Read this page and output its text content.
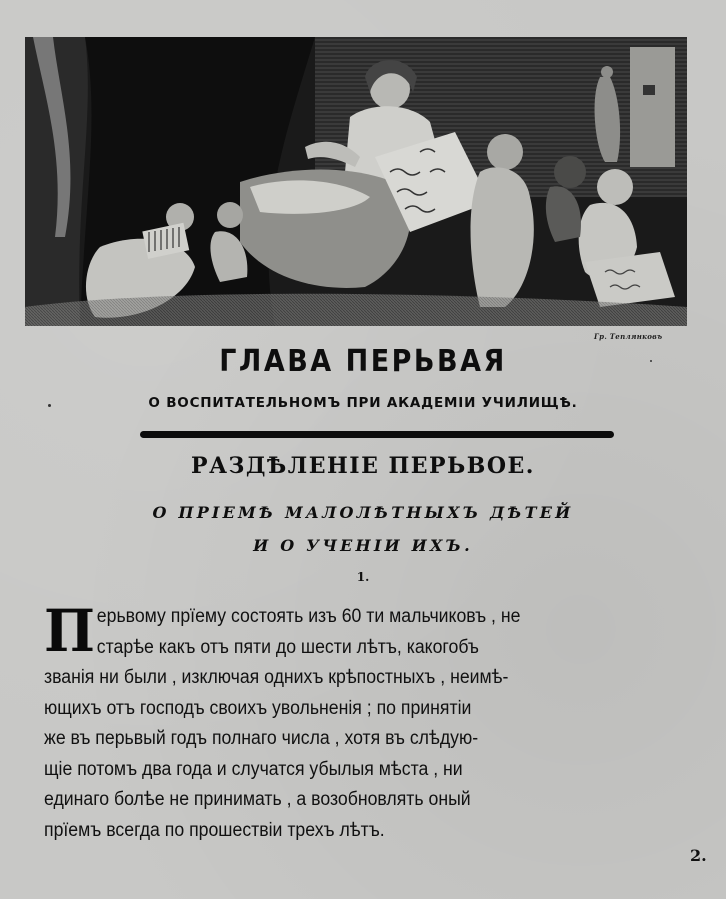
Гр. Теплянковъ
ГЛАВА ПЕРЬВАЯ
О ВОСПИТАТЕЛЬНОМЪ ПРИ АКАДЕМІИ УЧИЛИЩѢ.
РАЗДѢЛЕНІЕ ПЕРЬВОЕ.
О ПРІЕМѢ МАЛОЛѢТНЫХЪ ДѢТЕЙ
И О УЧЕНІИ ИХЪ.
1.
П ерьвому прїему состоять изъ 60 ти мальчиковъ , не
старѣе какъ отъ пяти до шести лѣтъ, какогобъ
званія ни были , изключая однихъ крѣпостныхъ , неимѣ-
ющихъ отъ господъ своихъ увольненія ; по принятіи
же въ перьвый годъ полнаго числа , хотя въ слѣдую-
щіе потомъ два года и случатся убылыя мѣста , ни
единаго болѣе не принимать , а возобновлять оный
прїемъ всегда по прошествіи трехъ лѣтъ.
2.
